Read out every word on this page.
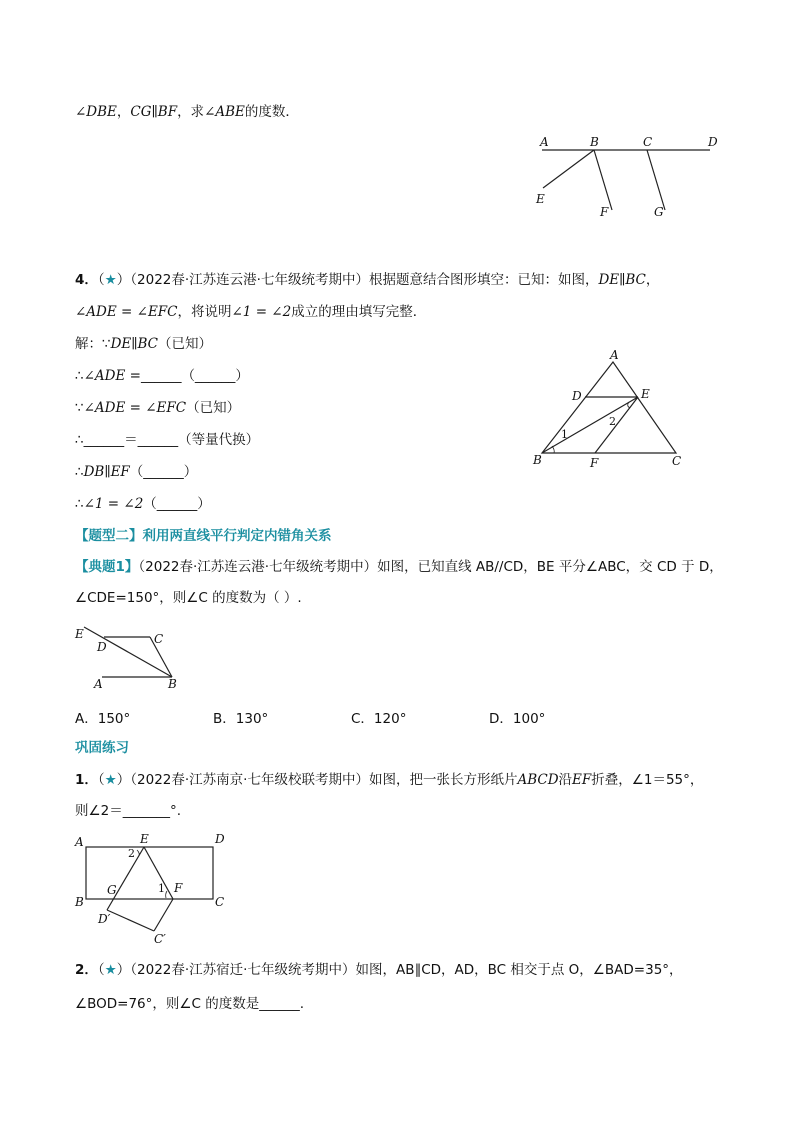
∠DBE，CG∥BF，求∠ABE的度数．
A	B	C	D
E
F	G
4．（★）（2022春·江苏连云港·七年级统考期中）根据题意结合图形填空：已知：如图，DE∥BC，
∠ADE = ∠EFC，将说明∠1 = ∠2成立的理由填写完整．
解：∵DE∥BC（已知）
∴∠ADE =______（______）
∵∠ADE = ∠EFC（已知）
∴______＝______（等量代换）
∴DB∥EF（______）
∴∠1 = ∠2（______）
A
D	E
B	F	C
1
2
【题型二】利用两直线平行判定内错角关系
【典题1】（2022春·江苏连云港·七年级统考期中）如图，已知直线 AB//CD，BE 平分∠ABC，交 CD 于 D，
∠CDE=150°，则∠C 的度数为（ ）.
E
D
C
A	B
A．150°	B．130°	C．120°	D．100°
巩固练习
1．（★）（2022春·江苏南京·七年级校联考期中）如图，把一张长方形纸片ABCD沿EF折叠，∠1＝55°，
则∠2＝_______°.
A	E	D
B
G	F
C
D′
C′
2
1
2．（★）（2022春·江苏宿迁·七年级统考期中）如图，AB∥CD，AD，BC 相交于点 O，∠BAD=35°，
∠BOD=76°，则∠C 的度数是______.
